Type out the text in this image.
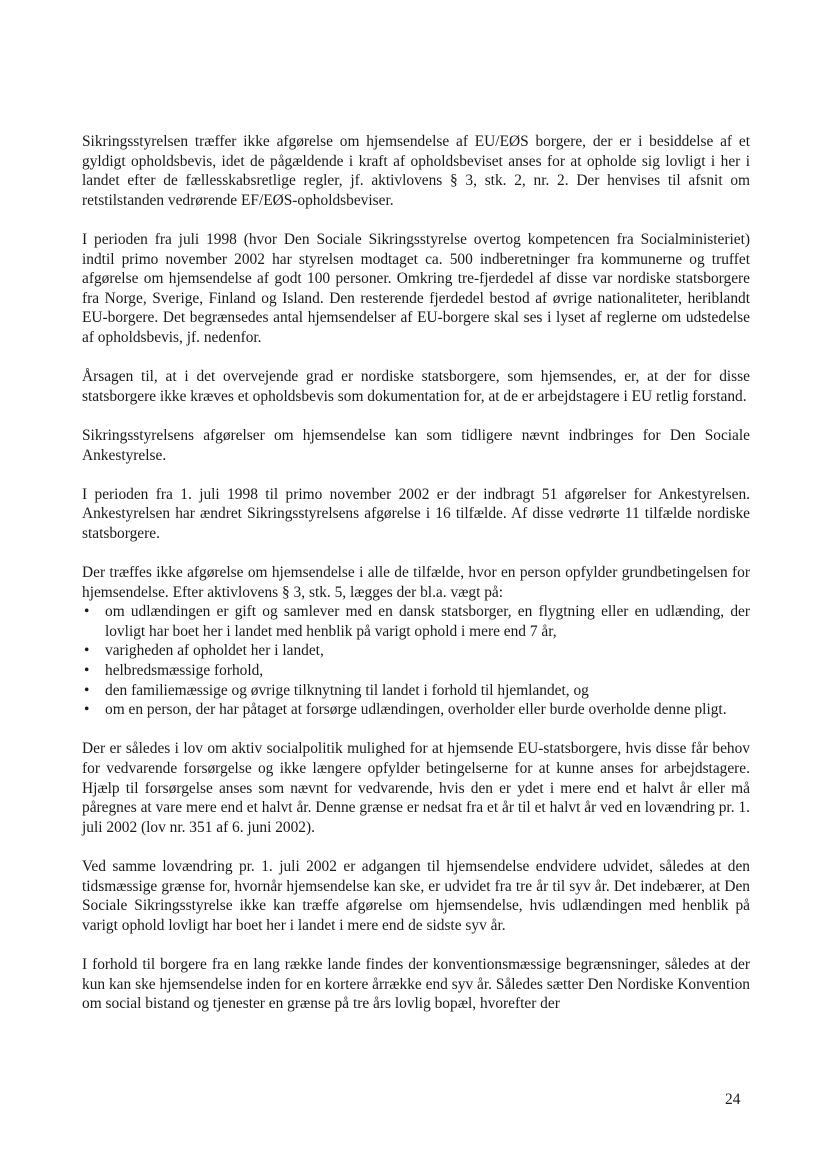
Sikringsstyrelsen træffer ikke afgørelse om hjemsendelse af EU/EØS borgere, der er i besiddelse af et gyldigt opholdsbevis, idet de pågældende i kraft af opholdsbeviset anses for at opholde sig lovligt i her i landet efter de fællesskabsretlige regler, jf. aktivlovens § 3, stk. 2, nr. 2. Der henvises til afsnit om retstilstanden vedrørende EF/EØS-opholdsbeviser.

I perioden fra juli 1998 (hvor Den Sociale Sikringsstyrelse overtog kompetencen fra Socialministeriet) indtil primo november 2002 har styrelsen modtaget ca. 500 indberetninger fra kommunerne og truffet afgørelse om hjemsendelse af godt 100 personer. Omkring tre-fjerdedel af disse var nordiske statsborgere fra Norge, Sverige, Finland og Island. Den resterende fjerdedel bestod af øvrige nationaliteter, heriblandt EU-borgere. Det begrænsedes antal hjemsendelser af EU-borgere skal ses i lyset af reglerne om udstedelse af opholdsbevis, jf. nedenfor.

Årsagen til, at i det overvejende grad er nordiske statsborgere, som hjemsendes, er, at der for disse statsborgere ikke kræves et opholdsbevis som dokumentation for, at de er arbejdstagere i EU retlig forstand.

Sikringsstyrelsens afgørelser om hjemsendelse kan som tidligere nævnt indbringes for Den Sociale Ankestyrelse.

I perioden fra 1. juli 1998 til primo november 2002 er der indbragt 51 afgørelser for Ankestyrelsen. Ankestyrelsen har ændret Sikringsstyrelsens afgørelse i 16 tilfælde. Af disse vedrørte 11 tilfælde nordiske statsborgere.

Der træffes ikke afgørelse om hjemsendelse i alle de tilfælde, hvor en person opfylder grundbetingelsen for hjemsendelse. Efter aktivlovens § 3, stk. 5, lægges der bl.a. vægt på:
• om udlændingen er gift og samlever med en dansk statsborger, en flygtning eller en udlænding, der lovligt har boet her i landet med henblik på varigt ophold i mere end 7 år,
• varigheden af opholdet her i landet,
• helbredsmæssige forhold,
• den familiemæssige og øvrige tilknytning til landet i forhold til hjemlandet, og
• om en person, der har påtaget at forsørge udlændingen, overholder eller burde overholde denne pligt.

Der er således i lov om aktiv socialpolitik mulighed for at hjemsende EU-statsborgere, hvis disse får behov for vedvarende forsørgelse og ikke længere opfylder betingelserne for at kunne anses for arbejdstagere. Hjælp til forsørgelse anses som nævnt for vedvarende, hvis den er ydet i mere end et halvt år eller må påregnes at vare mere end et halvt år. Denne grænse er nedsat fra et år til et halvt år ved en lovændring pr. 1. juli 2002 (lov nr. 351 af 6. juni 2002).

Ved samme lovændring pr. 1. juli 2002 er adgangen til hjemsendelse endvidere udvidet, således at den tidsmæssige grænse for, hvornår hjemsendelse kan ske, er udvidet fra tre år til syv år. Det indebærer, at Den Sociale Sikringsstyrelse ikke kan træffe afgørelse om hjemsendelse, hvis udlændingen med henblik på varigt ophold lovligt har boet her i landet i mere end de sidste syv år.

I forhold til borgere fra en lang række lande findes der konventionsmæssige begrænsninger, således at der kun kan ske hjemsendelse inden for en kortere årrække end syv år. Således sætter Den Nordiske Konvention om social bistand og tjenester en grænse på tre års lovlig bopæl, hvorefter der

24
